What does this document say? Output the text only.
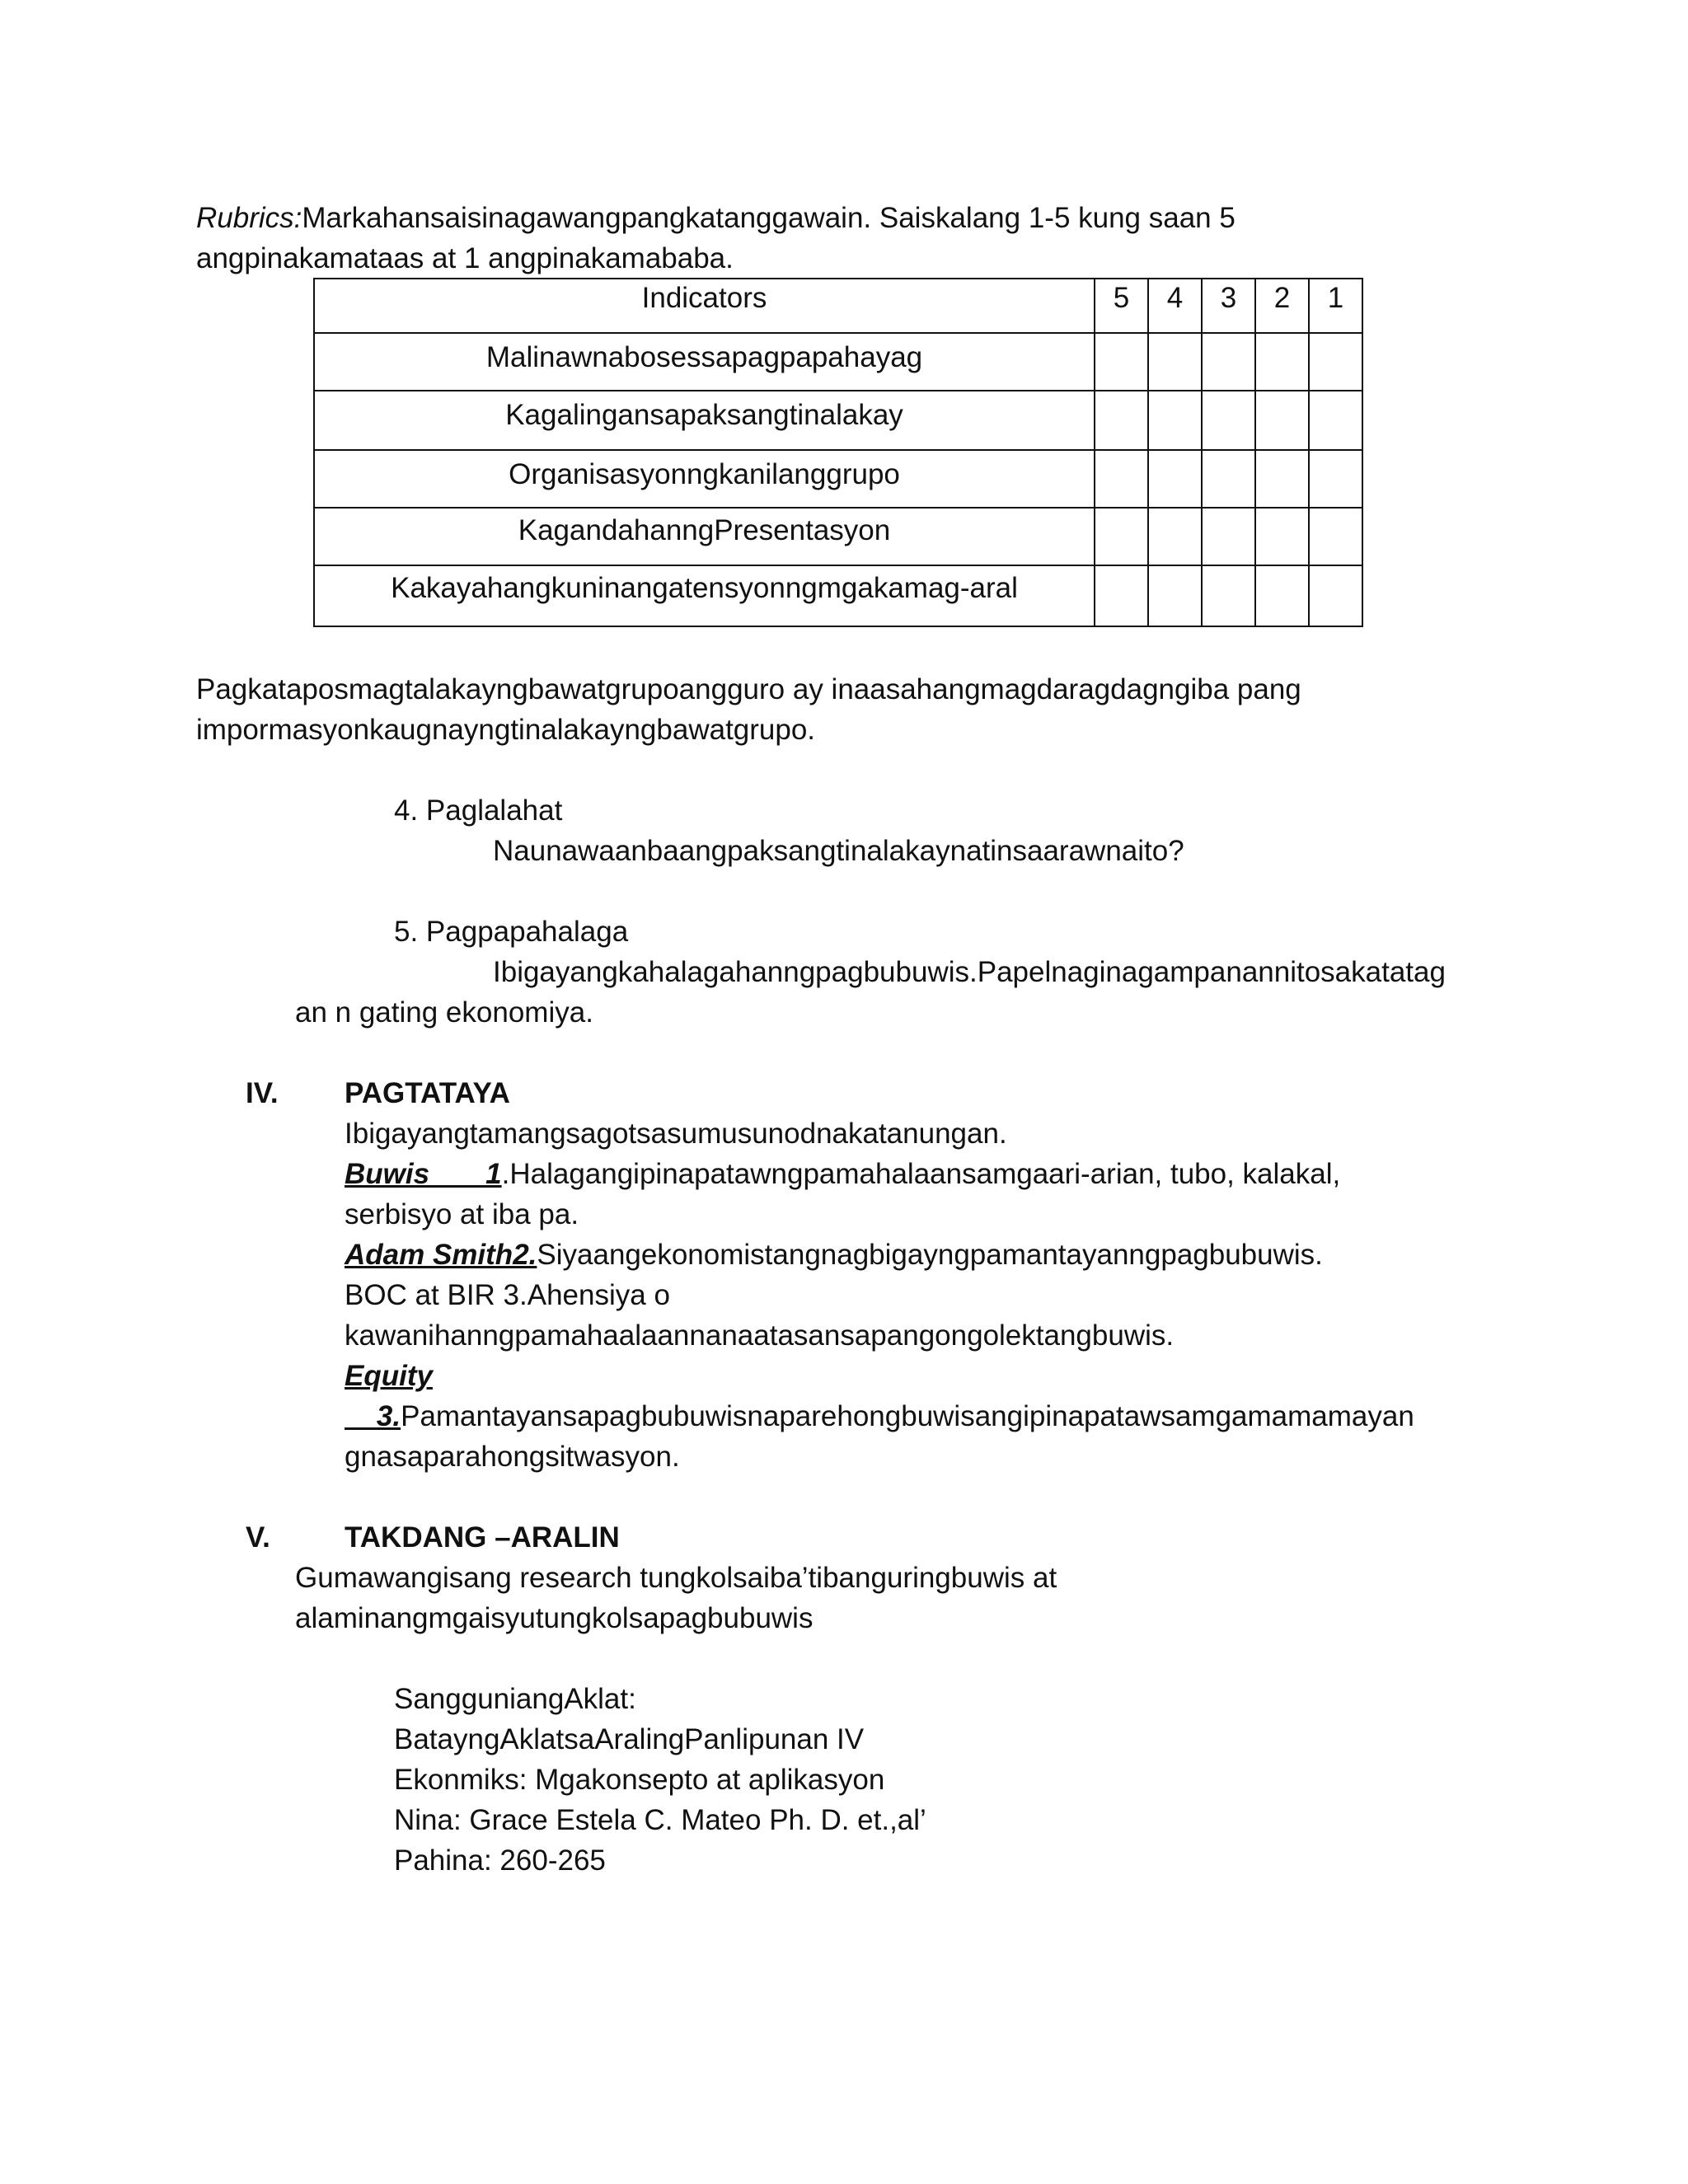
Rubrics:Markahansaisinagawangpangkatanggawain. Saiskalang 1-5 kung saan 5
angpinakamataas at 1 angpinakamababa.
Indicators	5	4	3	2	1
Malinawnabosessapagpapahayag					
Kagalingansapaksangtinalakay					
Organisasyonngkanilanggrupo					
KagandahanngPresentasyon					
Kakayahangkuninangatensyonngmgakamag-aral					
Pagkataposmagtalakayngbawatgrupoangguro ay inaasahangmagdaragdagngiba pang
impormasyonkaugnayngtinalakayngbawatgrupo.
4. Paglalahat
Naunawaanbaangpaksangtinalakaynatinsaarawnaito?
5. Pagpapahalaga
Ibigayangkahalagahanngpagbubuwis.Papelnaginagampanannitosakatatag
an n gating ekonomiya.
IV. PAGTATAYA
Ibigayangtamangsagotsasumusunodnakatanungan.
Buwis       1.Halagangipinapatawngpamahalaansamgaari-arian, tubo, kalakal,
serbisyo at iba pa.
Adam Smith2.Siyaangekonomistangnagbigayngpamantayanngpagbubuwis.
BOC at BIR 3.Ahensiya o
kawanihanngpamahaalaannanaatasansapangongolektangbuwis.
Equity
3.Pamantayansapagbubuwisnaparehongbuwisangipinapatawsamgamamamayan
gnasaparahongsitwasyon.
V.	TAKDANG –ARALIN
Gumawangisang research tungkolsaiba’tibanguringbuwis at
alaminangmgaisyutungkolsapagbubuwis
SangguniangAklat:
BatayngAklatsaAralingPanlipunan IV
Ekonmiks: Mgakonsepto at aplikasyon
Nina: Grace Estela C. Mateo Ph. D. et.,al’
Pahina: 260-265
